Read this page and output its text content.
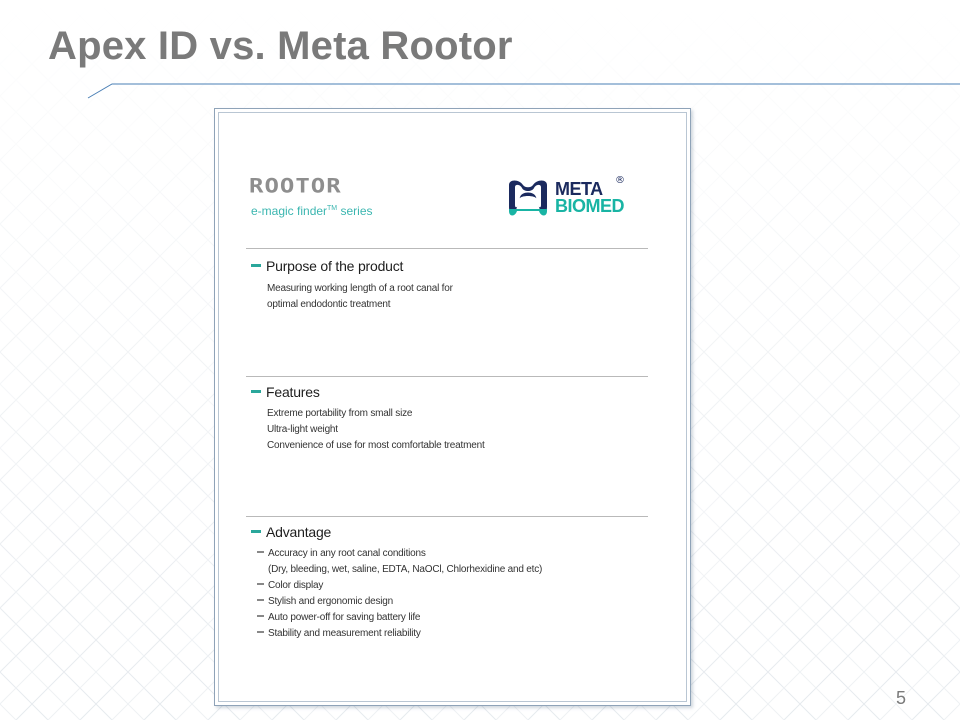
Apex ID vs. Meta Rootor
ROOTOR
e-magic finder™ series
META
BIOMED
®
Purpose of the product
Measuring working length of a root canal for
optimal endodontic treatment
Features
Extreme portability from small size
Ultra-light weight
Convenience of use for most comfortable treatment
Advantage
Accuracy in any root canal conditions
(Dry, bleeding, wet, saline, EDTA, NaOCl, Chlorhexidine and etc)
Color display
Stylish and ergonomic design
Auto power-off for saving battery life
Stability and measurement reliability
5
